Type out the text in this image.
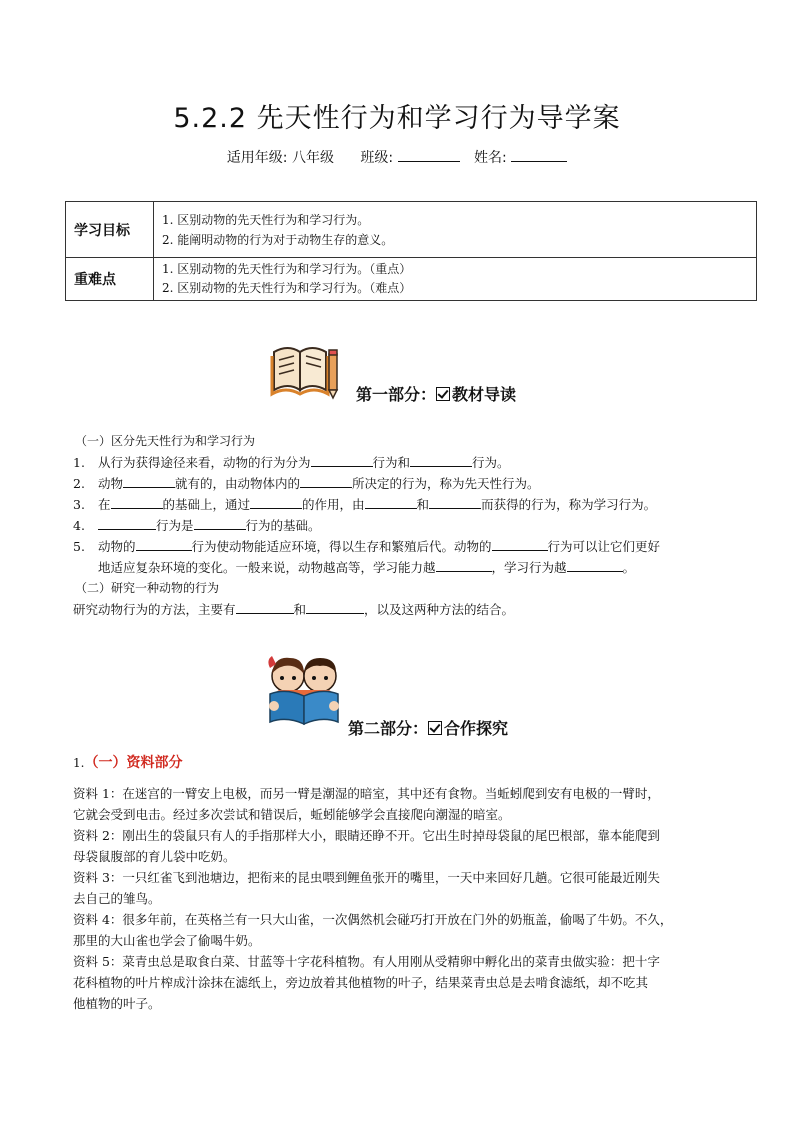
5.2.2 先天性行为和学习行为导学案
适用年级: 八年级 班级:	姓名:
学习目标	1. 区别动物的先天性行为和学习行为。
2. 能阐明动物的行为对于动物生存的意义。

重难点	1. 区别动物的先天性行为和学习行为。（重点）
2. 区别动物的先天性行为和学习行为。（难点）
第一部分： 教材导读
（一）区分先天性行为和学习行为
1. 从行为获得途径来看，动物的行为分为	行为和	行为。
2. 动物	就有的，由动物体内的	所决定的行为，称为先天性行为。
3. 在	的基础上，通过	的作用，由	和	而获得的行为，称为学习行为。
4.	行为是	行为的基础。
5. 动物的	行为使动物能适应环境，得以生存和繁殖后代。动物的	行为可以让它们更好
地适应复杂环境的变化。一般来说，动物越高等，学习能力越	，学习行为越	。
（二）研究一种动物的行为
研究动物行为的方法，主要有	和	，以及这两种方法的结合。
第二部分： 合作探究
1.（一）资料部分
资料 1：在迷宫的一臂安上电极，而另一臂是潮湿的暗室，其中还有食物。当蚯蚓爬到安有电极的一臂时，
它就会受到电击。经过多次尝试和错误后，蚯蚓能够学会直接爬向潮湿的暗室。
资料 2：刚出生的袋鼠只有人的手指那样大小，眼睛还睁不开。它出生时掉母袋鼠的尾巴根部，靠本能爬到
母袋鼠腹部的育儿袋中吃奶。
资料 3：一只红雀飞到池塘边，把衔来的昆虫喂到鲤鱼张开的嘴里，一天中来回好几趟。它很可能最近刚失
去自己的雏鸟。
资料 4：很多年前，在英格兰有一只大山雀，一次偶然机会碰巧打开放在门外的奶瓶盖，偷喝了牛奶。不久，
那里的大山雀也学会了偷喝牛奶。
资料 5：菜青虫总是取食白菜、甘蓝等十字花科植物。有人用刚从受精卵中孵化出的菜青虫做实验：把十字
花科植物的叶片榨成汁涂抹在滤纸上，旁边放着其他植物的叶子，结果菜青虫总是去啃食滤纸，却不吃其
他植物的叶子。
